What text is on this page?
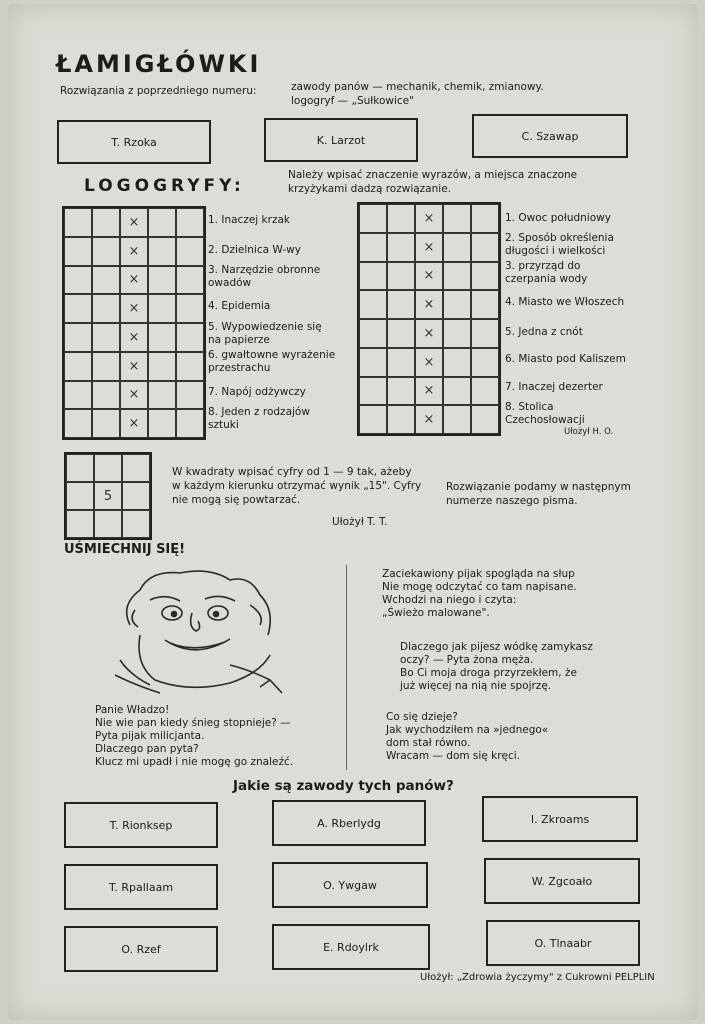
ŁAMIGŁÓWKI
Rozwiązania z poprzedniego numeru:	zawody panów — mechanik, chemik, zmianowy.
logogryf — „Sułkowice"
T. Rzoka	K. Larzot	C. Szawap
LOGOGRYFY:
Należy wpisać znaczenie wyrazów, a miejsca znaczone krzyżykami dadzą rozwiązanie.
×
×
×
×
×
×
×
×
×
×
×
×
×
×
×
×
1. Inaczej krzak
2. Dzielnica W-wy
3. Narzędzie obronne owadów
4. Epidemia
5. Wypowiedzenie się na papierze
6. gwałtowne wyrażenie przestrachu
7. Napój odżywczy
8. Jeden z rodzajów sztuki
1. Owoc południowy
2. Sposób określenia długości i wielkości
3. przyrząd do czerpania wody
4. Miasto we Włoszech
5. Jedna z cnót
6. Miasto pod Kaliszem
7. Inaczej dezerter
8. Stolica Czechosłowacji
Ułożył H. O.
5
W kwadraty wpisać cyfry od 1 — 9 tak, ażeby w każdym kierunku otrzymać wynik „15". Cyfry nie mogą się powtarzać.
Ułożył T. T.
Rozwiązanie podamy w następnym numerze naszego pisma.
UŚMIECHNIJ SIĘ!
Panie Władzo!
Nie wie pan kiedy śnieg stopnieje? —
Pyta pijak milicjanta.
Dlaczego pan pyta?
Klucz mi upadł i nie mogę go znaleźć.
Zaciekawiony pijak spogląda na słup
Nie mogę odczytać co tam napisane.
Wchodzi na niego i czyta:
„Świeżo malowane".
Dlaczego jak pijesz wódkę zamykasz
oczy? — Pyta żona męża.
Bo Ci moja droga przyrzekłem, że
już więcej na nią nie spojrzę.
Co się dzieje?
Jak wychodziłem na »jednego«
dom stał równo.
Wracam — dom się kręci.
Jakie są zawody tych panów?
T. Rionksep	A. Rberlydg	I. Zkroams
T. Rpallaam	O. Ywgaw	W. Zgcoało
O. Rzef	E. Rdoylrk	O. Tlnaabr
Ułożył: „Zdrowia życzymy" z Cukrowni PELPLIN
